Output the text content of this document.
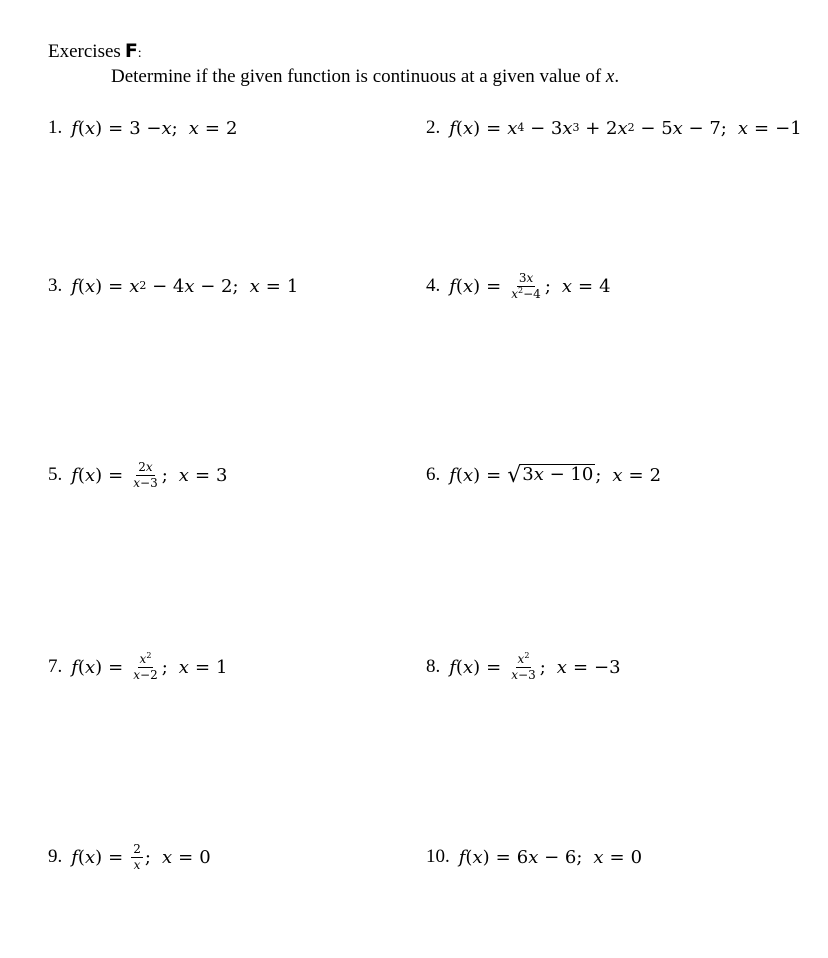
Exercises F:
Determine if the given function is continuous at a given value of x.
1. f ( x ) = 3 − x ; x = 2	2. f ( x ) = x 4 − 3 x 3 + 2 x 2 − 5 x − 7; x = −1
3. f ( x ) = x 2 − 4 x − 2; x = 1	4. f ( x ) = $\frac{3x}{x^2-4}$ ; x = 4
5. f ( x ) = $\frac{2x}{x-3}$ ; x = 3	6. f ( x ) = √ 3x − 10 ; x = 2
7. f ( x ) = $\frac{x^2}{x-2}$ ; x = 1	8. f ( x ) = $\frac{x^2}{x-3}$ ; x = −3
9. f ( x ) = $\frac{2}{x}$ ; x = 0	10. f ( x ) = 6 x − 6; x = 0
